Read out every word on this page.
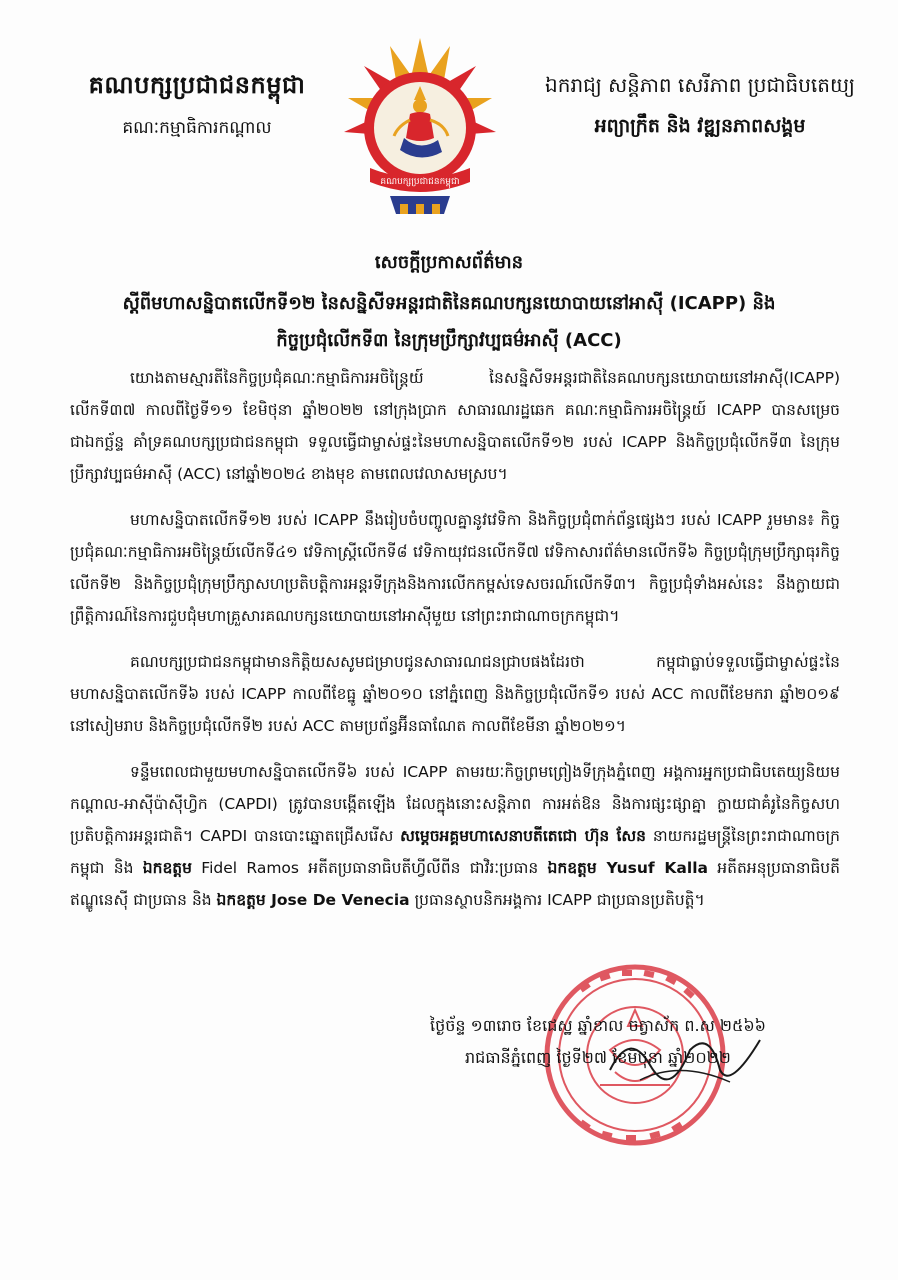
គណបក្សប្រជាជនកម្ពុជា
គណៈកម្មាធិការកណ្តាល
គណបក្សប្រជាជនកម្ពុជា
ឯករាជ្យ សន្តិភាព សេរីភាព ប្រជាធិបតេយ្យ
អព្យាក្រឹត និង វឌ្ឍនភាពសង្គម
សេចក្តីប្រកាសព័ត៌មាន
ស្តីពីមហាសន្និបាតលើកទី១២ នៃសន្និសីទអន្តរជាតិនៃគណបក្សនយោបាយនៅអាស៊ី (ICAPP) និង
កិច្ចប្រជុំលើកទី៣ នៃក្រុមប្រឹក្សាវប្បធម៌អាស៊ី (ACC)

យោងតាមស្មារតីនៃកិច្ចប្រជុំគណៈកម្មាធិការអចិន្ត្រៃយ៍ នៃសន្និសីទអន្តរជាតិនៃគណបក្សនយោបាយនៅអាស៊ី(ICAPP) លើកទី៣៧ កាលពីថ្ងៃទី១១ ខែមិថុនា ឆ្នាំ២០២២ នៅក្រុងប្រាក សាធារណរដ្ឋឆេក គណៈកម្មាធិការអចិន្ត្រៃយ៍ ICAPP បានសម្រេចជាឯកច្ឆ័ន្ទ គាំទ្រគណបក្សប្រជាជនកម្ពុជា ទទួលធ្វើជាម្ចាស់ផ្ទះនៃមហាសន្និបាតលើកទី១២ របស់ ICAPP និងកិច្ចប្រជុំលើកទី៣ នៃក្រុមប្រឹក្សាវប្បធម៌អាស៊ី (ACC) នៅឆ្នាំ២០២៤ ខាងមុខ តាមពេលវេលាសមស្រប។

មហាសន្និបាតលើកទី១២ របស់ ICAPP នឹងរៀបចំបញ្ចូលគ្នានូវវេទិកា និងកិច្ចប្រជុំពាក់ព័ន្ធផ្សេងៗ របស់ ICAPP រួមមាន៖ កិច្ចប្រជុំគណៈកម្មាធិការអចិន្ត្រៃយ៍លើកទី៤១ វេទិកាស្ត្រីលើកទី៨ វេទិកាយុវជនលើកទី៧ វេទិកាសារព័ត៌មានលើកទី៦ កិច្ចប្រជុំក្រុមប្រឹក្សាធុរកិច្ចលើកទី២ និងកិច្ចប្រជុំក្រុមប្រឹក្សាសហប្រតិបត្តិការអន្តរទីក្រុងនិងការលើកកម្ពស់ទេសចរណ៍លើកទី៣។ កិច្ចប្រជុំទាំងអស់នេះ នឹងក្លាយជាព្រឹត្តិការណ៍នៃការជួបជុំមហាគ្រួសារគណបក្សនយោបាយនៅអាស៊ីមួយ នៅព្រះរាជាណាចក្រកម្ពុជា។

គណបក្សប្រជាជនកម្ពុជាមានកិត្តិយសសូមជម្រាបជូនសាធារណជនជ្រាបផងដែរថា កម្ពុជាធ្លាប់ទទួលធ្វើជាម្ចាស់ផ្ទះនៃមហាសន្និបាតលើកទី៦ របស់ ICAPP កាលពីខែធ្នូ ឆ្នាំ២០១០ នៅភ្នំពេញ និងកិច្ចប្រជុំលើកទី១ របស់ ACC កាលពីខែមករា ឆ្នាំ២០១៩ នៅសៀមរាប និងកិច្ចប្រជុំលើកទី២ របស់ ACC តាមប្រព័ន្ធអ៊ីនធាណែត កាលពីខែមីនា ឆ្នាំ២០២១។

ទន្ទឹមពេលជាមួយមហាសន្និបាតលើកទី៦ របស់ ICAPP តាមរយៈកិច្ចព្រមព្រៀងទីក្រុងភ្នំពេញ អង្គការអ្នកប្រជាធិបតេយ្យនិយមកណ្តាល-អាស៊ីប៉ាស៊ីហ្វិក (CAPDI) ត្រូវបានបង្កើតឡើង ដែលក្នុងនោះសន្តិភាព ការអត់ឱន និងការផ្សះផ្សាគ្នា ក្លាយជាគំរូនៃកិច្ចសហប្រតិបត្តិការអន្តរជាតិ។ CAPDI បានបោះឆ្នោតជ្រើសរើស សម្តេចអគ្គមហាសេនាបតីតេជោ ហ៊ុន សែន នាយករដ្ឋមន្ត្រីនៃព្រះរាជាណាចក្រកម្ពុជា និង ឯកឧត្តម Fidel Ramos អតីតប្រធានាធិបតីហ្វីលីពីន ជាវិរៈប្រធាន ឯកឧត្តម Yusuf Kalla អតីតអនុប្រធានាធិបតីឥណ្ឌូនេស៊ី ជាប្រធាន និង ឯកឧត្តម Jose De Venecia ប្រធានស្ថាបនិកអង្គការ ICAPP ជាប្រធានប្រតិបត្តិ។

ថ្ងៃច័ន្ទ ១៣រោច ខែជេស្ឋ ឆ្នាំខាល ចត្វាស័ក ព.ស ២៥៦៦
រាជធានីភ្នំពេញ ថ្ងៃទី២៧ ខែមិថុនា ឆ្នាំ២០២២
